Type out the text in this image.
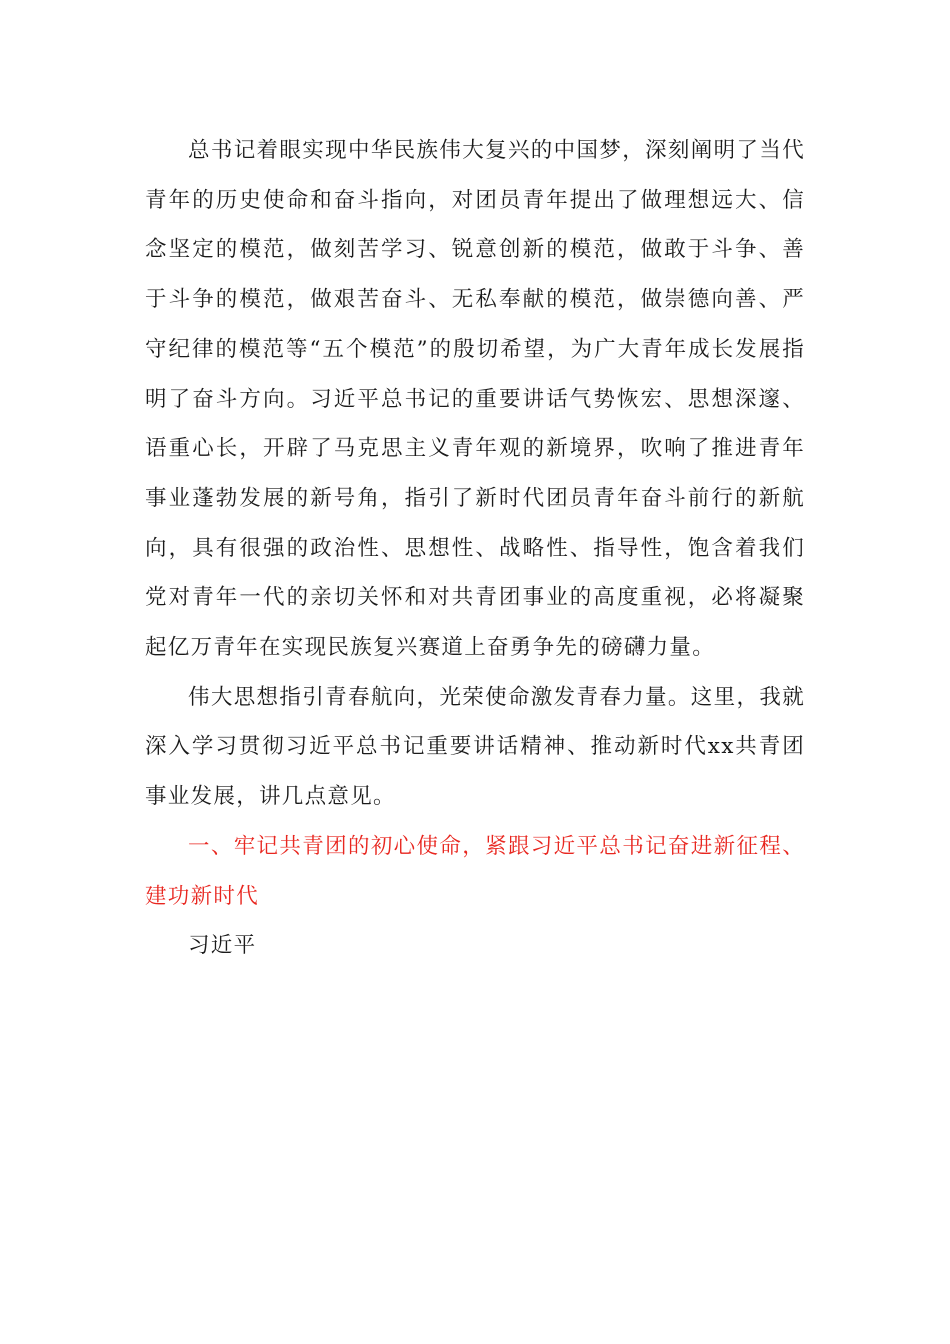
总书记着眼实现中华民族伟大复兴的中国梦，深刻阐明了当代青年的历史使命和奋斗指向，对团员青年提出了做理想远大、信念坚定的模范，做刻苦学习、锐意创新的模范，做敢于斗争、善于斗争的模范，做艰苦奋斗、无私奉献的模范，做崇德向善、严守纪律的模范等“五个模范”的殷切希望，为广大青年成长发展指明了奋斗方向。习近平总书记的重要讲话气势恢宏、思想深邃、语重心长，开辟了马克思主义青年观的新境界，吹响了推进青年事业蓬勃发展的新号角，指引了新时代团员青年奋斗前行的新航向，具有很强的政治性、思想性、战略性、指导性，饱含着我们党对青年一代的亲切关怀和对共青团事业的高度重视，必将凝聚起亿万青年在实现民族复兴赛道上奋勇争先的磅礴力量。

伟大思想指引青春航向，光荣使命激发青春力量。这里，我就深入学习贯彻习近平总书记重要讲话精神、推动新时代xx共青团事业发展，讲几点意见。

一、牢记共青团的初心使命，紧跟习近平总书记奋进新征程、建功新时代

习近平
